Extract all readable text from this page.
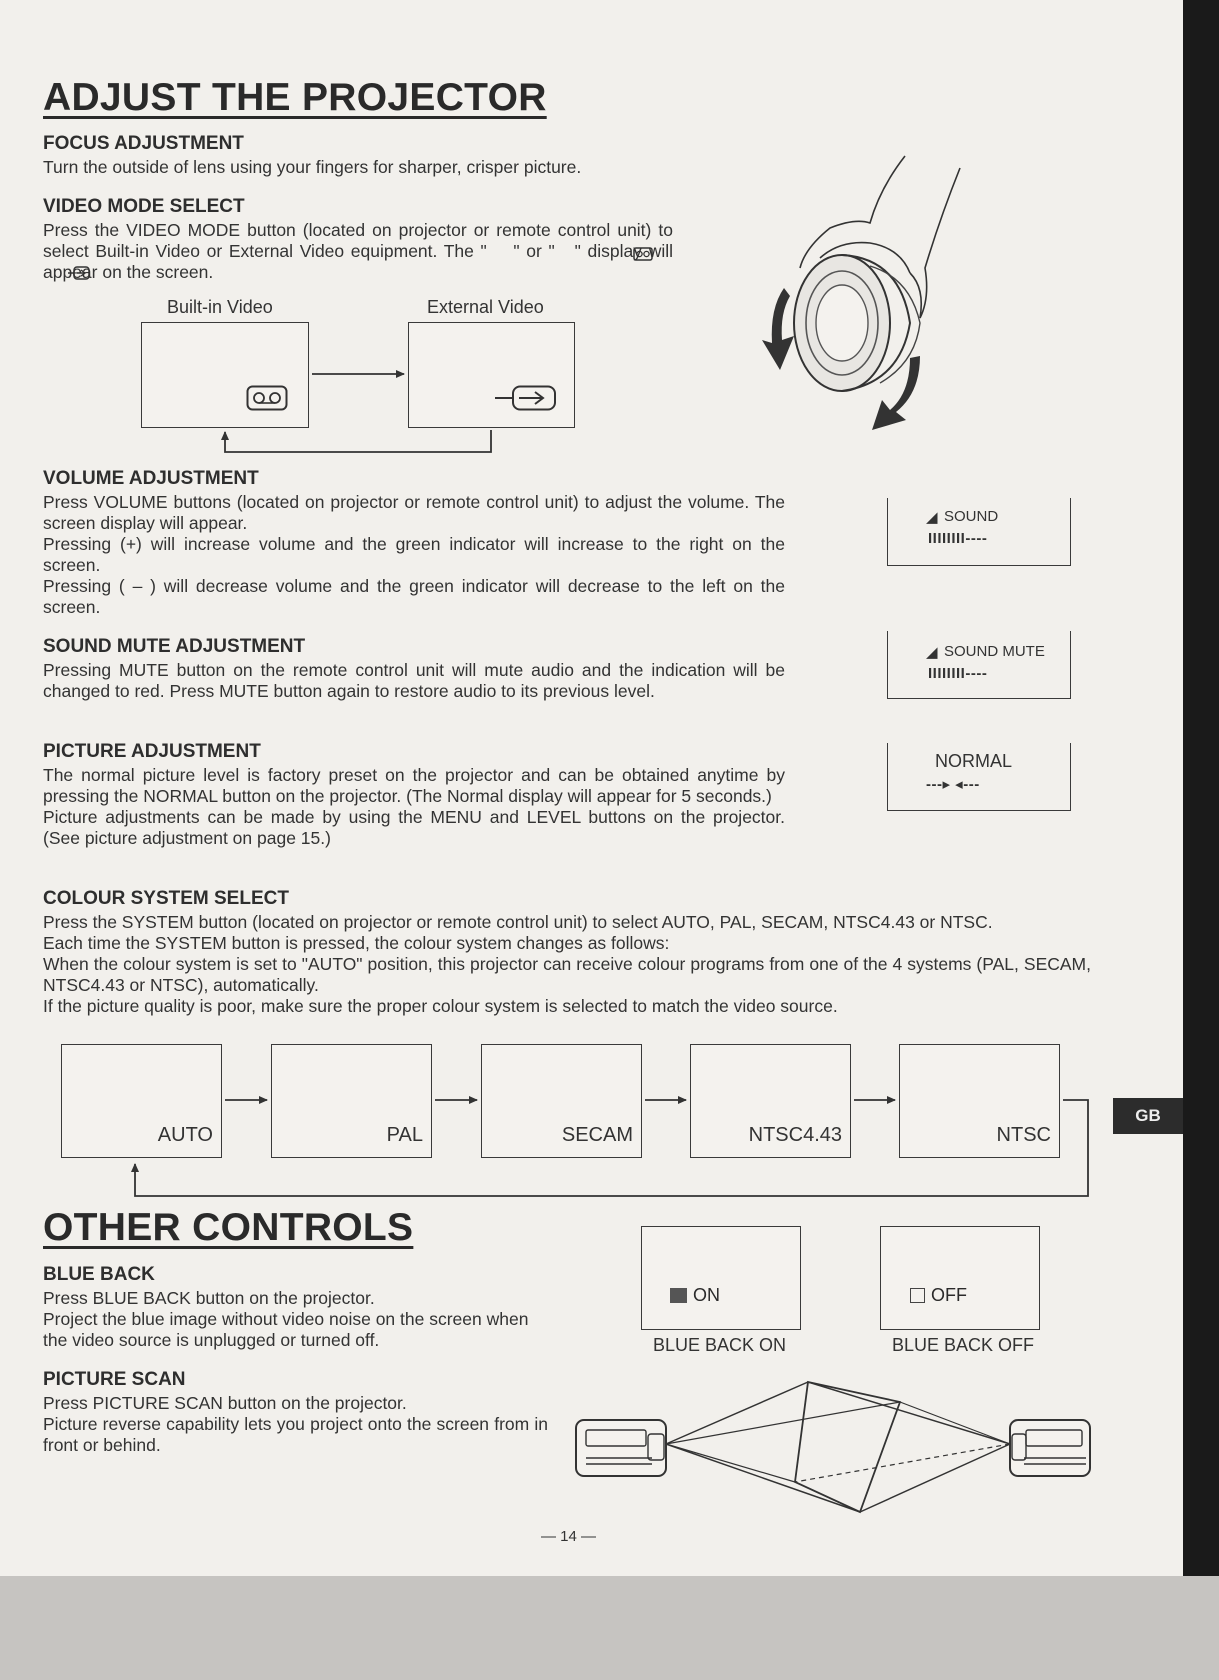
GB
ADJUST THE PROJECTOR
FOCUS ADJUSTMENT

Turn the outside of lens using your fingers for sharper, crisper picture.

VIDEO MODE SELECT

Press the VIDEO MODE button (located on projector or remote control unit) to select Built-in Video or External Video equipment. The "    " or "   " display will appear on the screen.

Built-in Video	External Video
VOLUME ADJUSTMENT

Press VOLUME buttons (located on projector or remote control unit) to adjust the volume. The screen display will appear.

Pressing (+) will increase volume and the green indicator will increase to the right on the screen.

Pressing ( – ) will decrease volume and the green indicator will decrease to the left on the screen.

◢ SOUND
IIIIIIII----
SOUND MUTE ADJUSTMENT

Pressing MUTE button on the remote control unit will mute audio and the indication will be changed to red. Press MUTE button again to restore audio to its previous level.

◢ SOUND MUTE
IIIIIIII----
PICTURE ADJUSTMENT

The normal picture level is factory preset on the projector and can be obtained anytime by pressing the NORMAL button on the projector. (The Normal display will appear for 5 seconds.)

Picture adjustments can be made by using the MENU and LEVEL buttons on the projector. (See picture adjustment on page 15.)

NORMAL
---▸ ◂---
COLOUR SYSTEM SELECT

Press the SYSTEM button (located on projector or remote control unit) to select AUTO, PAL, SECAM, NTSC4.43 or NTSC.

Each time the SYSTEM button is pressed, the colour system changes as follows:

When the colour system is set to "AUTO" position, this projector can receive colour programs from one of the 4 systems (PAL, SECAM, NTSC4.43 or NTSC), automatically.

If the picture quality is poor, make sure the proper colour system is selected to match the video source.

AUTO	PAL	SECAM	NTSC4.43	NTSC
OTHER CONTROLS
BLUE BACK

Press BLUE BACK button on the projector.

Project the blue image without video noise on the screen when the video source is unplugged or turned off.

ON	OFF
BLUE BACK ON	BLUE BACK OFF
PICTURE SCAN

Press PICTURE SCAN button on the projector.

Picture reverse capability lets you project onto the screen from in front or behind.

— 14 —
